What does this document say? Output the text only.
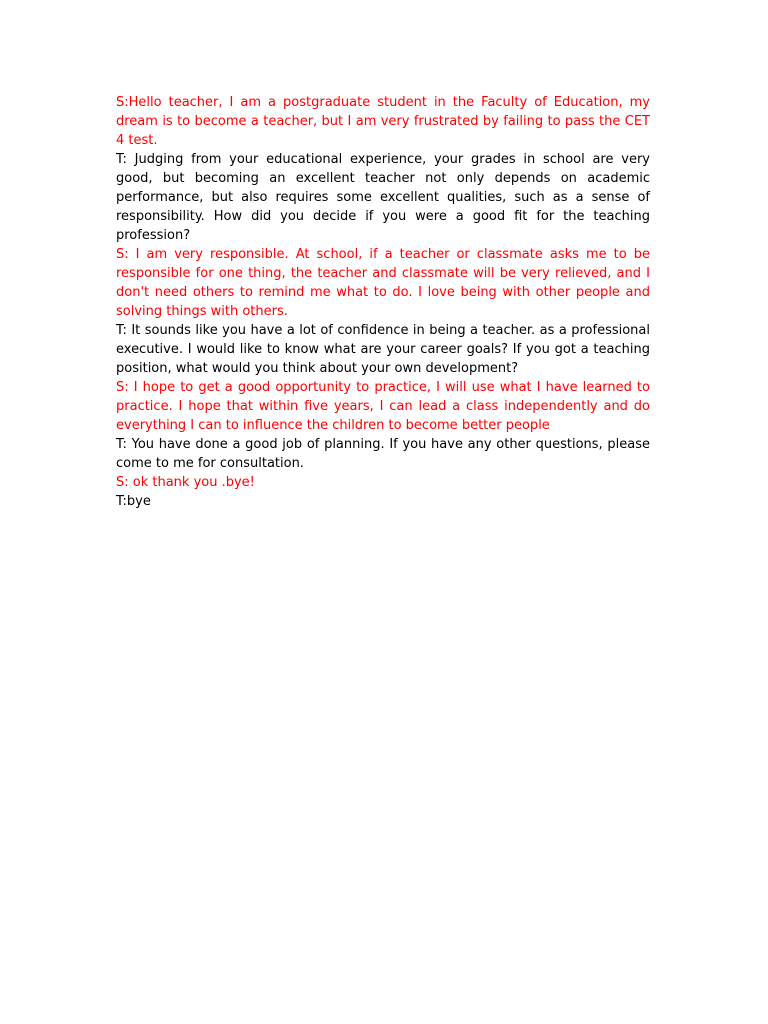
S:Hello teacher, I am a postgraduate student in the Faculty of Education, my dream is to become a teacher, but I am very frustrated by failing to pass the CET 4 test.

T: Judging from your educational experience, your grades in school are very good, but becoming an excellent teacher not only depends on academic performance, but also requires some excellent qualities, such as a sense of responsibility. How did you decide if you were a good fit for the teaching profession?

S: I am very responsible. At school, if a teacher or classmate asks me to be responsible for one thing, the teacher and classmate will be very relieved, and I don't need others to remind me what to do. I love being with other people and solving things with others.

T: It sounds like you have a lot of confidence in being a teacher. as a professional executive. I would like to know what are your career goals? If you got a teaching position, what would you think about your own development?

S: I hope to get a good opportunity to practice, I will use what I have learned to practice. I hope that within five years, I can lead a class independently and do everything I can to influence the children to become better people

T: You have done a good job of planning. If you have any other questions, please come to me for consultation.

S: ok thank you .bye!

T:bye
